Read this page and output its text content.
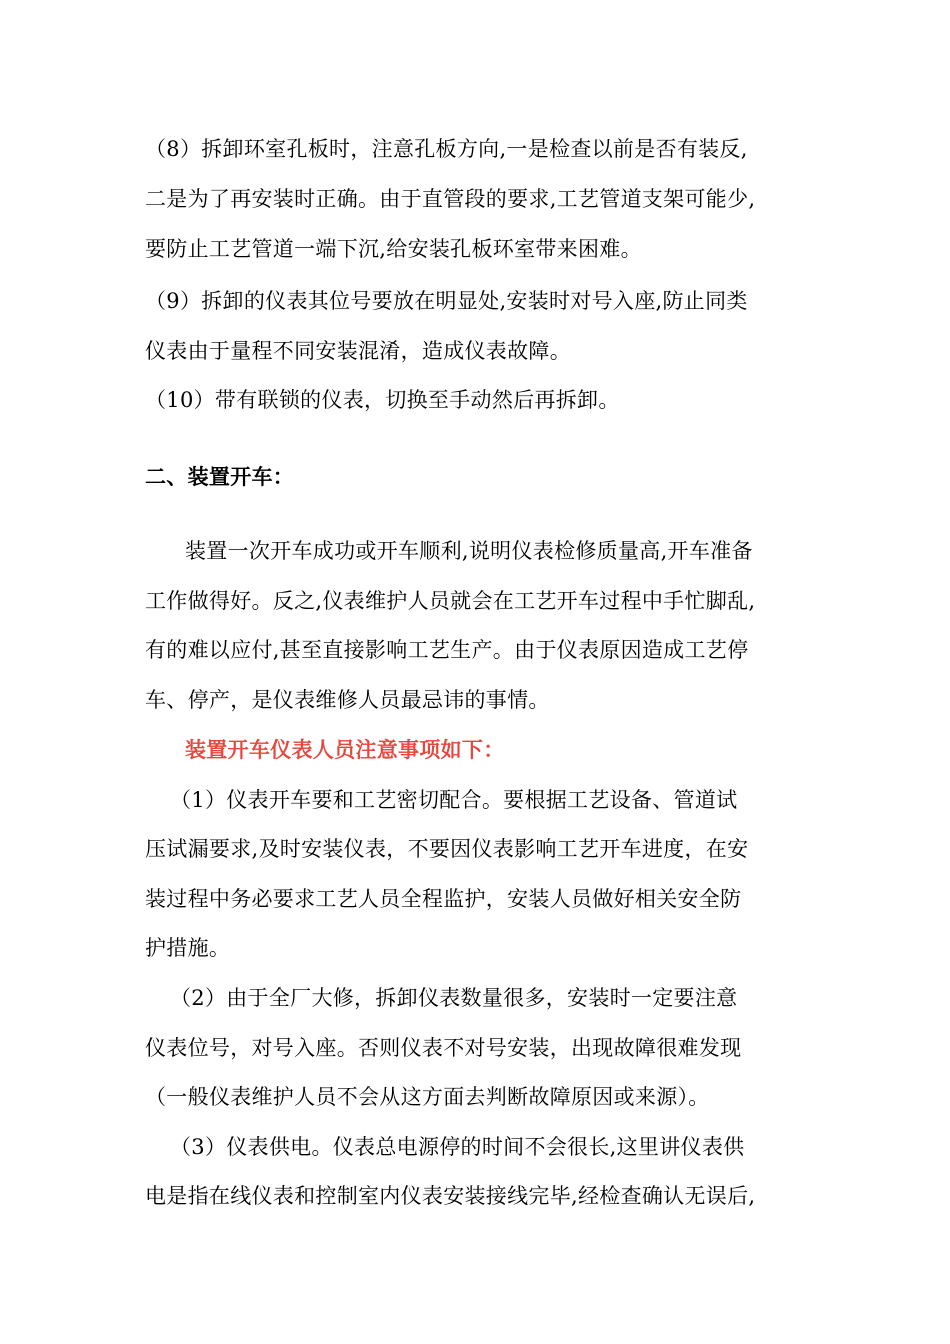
（8）拆卸环室孔板时，注意孔板方向,一是检查以前是否有装反,
二是为了再安装时正确。由于直管段的要求,工艺管道支架可能少,
要防止工艺管道一端下沉,给安装孔板环室带来困难。
（9）拆卸的仪表其位号要放在明显处,安装时对号入座,防止同类
仪表由于量程不同安装混淆，造成仪表故障。
（10）带有联锁的仪表，切换至手动然后再拆卸。
二、装置开车：
装置一次开车成功或开车顺利,说明仪表检修质量高,开车准备
工作做得好。反之,仪表维护人员就会在工艺开车过程中手忙脚乱,
有的难以应付,甚至直接影响工艺生产。由于仪表原因造成工艺停
车、停产，是仪表维修人员最忌讳的事情。
装置开车仪表人员注意事项如下：
（1）仪表开车要和工艺密切配合。要根据工艺设备、管道试
压试漏要求,及时安装仪表，不要因仪表影响工艺开车进度，在安
装过程中务必要求工艺人员全程监护，安装人员做好相关安全防
护措施。
（2）由于全厂大修，拆卸仪表数量很多，安装时一定要注意
仪表位号，对号入座。否则仪表不对号安装，出现故障很难发现
（一般仪表维护人员不会从这方面去判断故障原因或来源）。
（3）仪表供电。仪表总电源停的时间不会很长,这里讲仪表供
电是指在线仪表和控制室内仪表安装接线完毕,经检查确认无误后,
